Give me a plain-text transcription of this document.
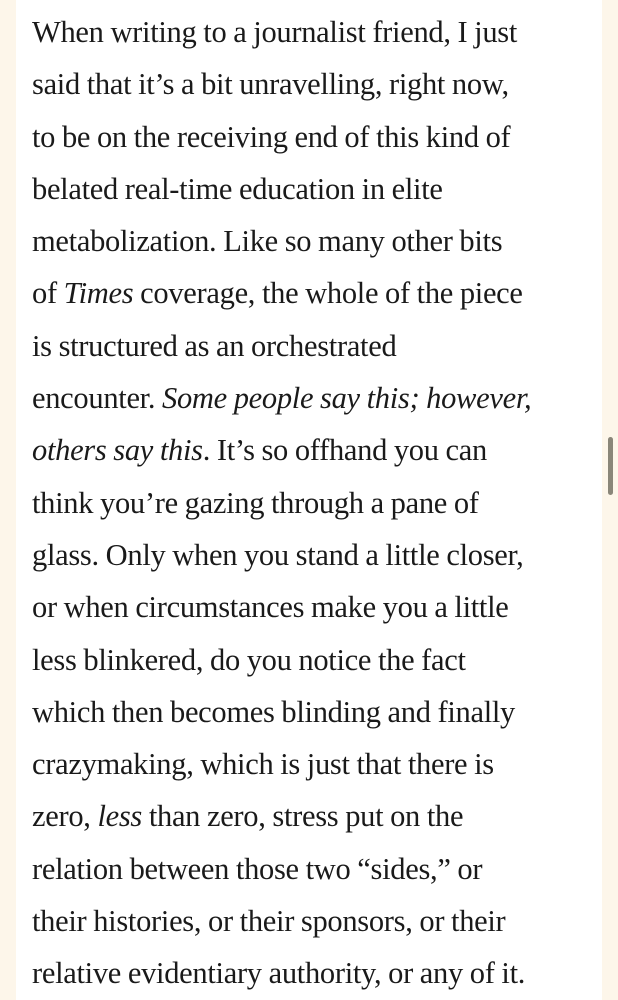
When writing to a journalist friend, I just
said that it’s a bit unravelling, right now,
to be on the receiving end of this kind of
belated real-time education in elite
metabolization. Like so many other bits
of Times coverage, the whole of the piece
is structured as an orchestrated
encounter. Some people say this; however,
others say this. It’s so offhand you can
think you’re gazing through a pane of
glass. Only when you stand a little closer,
or when circumstances make you a little
less blinkered, do you notice the fact
which then becomes blinding and finally
crazymaking, which is just that there is
zero, less than zero, stress put on the
relation between those two “sides,” or
their histories, or their sponsors, or their
relative evidentiary authority, or any of it.
